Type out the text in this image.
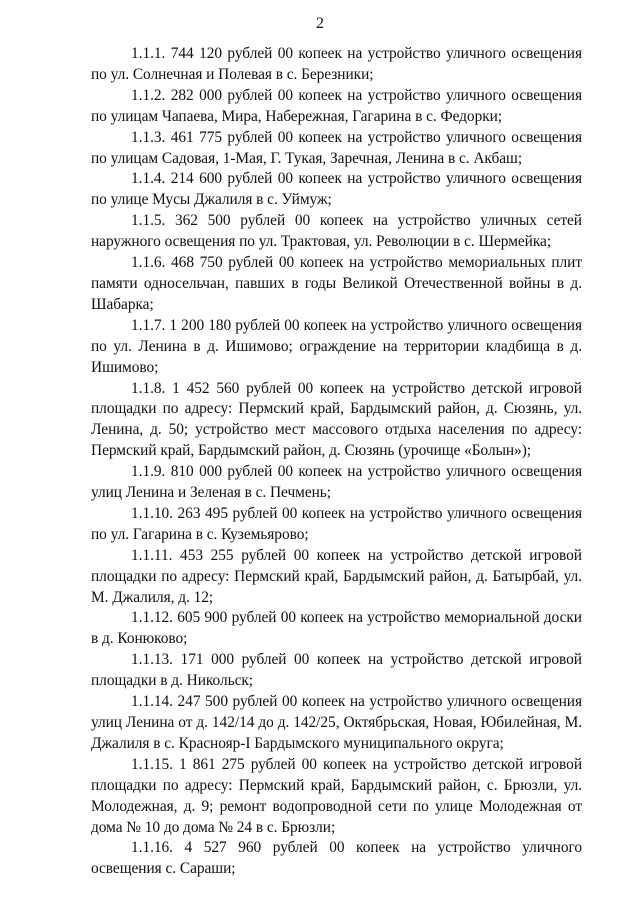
2

1.1.1. 744 120 рублей 00 копеек на устройство уличного освещения по ул. Солнечная и Полевая в с. Березники;

1.1.2. 282 000 рублей 00 копеек на устройство уличного освещения по улицам Чапаева, Мира, Набережная, Гагарина в с. Федорки;

1.1.3. 461 775 рублей 00 копеек на устройство уличного освещения по улицам Садовая, 1-Мая, Г. Тукая, Заречная, Ленина в с. Акбаш;

1.1.4. 214 600 рублей 00 копеек на устройство уличного освещения по улице Мусы Джалиля в с. Уймуж;

1.1.5. 362 500 рублей 00 копеек на устройство уличных сетей наружного освещения по ул. Трактовая, ул. Революции в с. Шермейка;

1.1.6. 468 750 рублей 00 копеек на устройство мемориальных плит памяти односельчан, павших в годы Великой Отечественной войны в д. Шабарка;

1.1.7. 1 200 180 рублей 00 копеек на устройство уличного освещения по ул. Ленина в д. Ишимово; ограждение на территории кладбища в д. Ишимово;

1.1.8. 1 452 560 рублей 00 копеек на устройство детской игровой площадки по адресу: Пермский край, Бардымский район, д. Сюзянь, ул. Ленина, д. 50; устройство мест массового отдыха населения по адресу: Пермский край, Бардымский район, д. Сюзянь (урочище «Болын»);

1.1.9. 810 000 рублей 00 копеек на устройство уличного освещения улиц Ленина и Зеленая в с. Печмень;

1.1.10. 263 495 рублей 00 копеек на устройство уличного освещения по ул. Гагарина в с. Куземьярово;

1.1.11. 453 255 рублей 00 копеек на устройство детской игровой площадки по адресу: Пермский край, Бардымский район, д. Батырбай, ул. М. Джалиля, д. 12;

1.1.12. 605 900 рублей 00 копеек на устройство мемориальной доски в д. Конюково;

1.1.13. 171 000 рублей 00 копеек на устройство детской игровой площадки в д. Никольск;

1.1.14. 247 500 рублей 00 копеек на устройство уличного освещения улиц Ленина от д. 142/14 до д. 142/25, Октябрьская, Новая, Юбилейная, М. Джалиля в с. Краснояр-I Бардымского муниципального округа;

1.1.15. 1 861 275 рублей 00 копеек на устройство детской игровой площадки по адресу: Пермский край, Бардымский район, с. Брюзли, ул. Молодежная, д. 9; ремонт водопроводной сети по улице Молодежная от дома № 10 до дома № 24 в с. Брюзли;

1.1.16. 4 527 960 рублей 00 копеек на устройство уличного освещения с. Сараши;
